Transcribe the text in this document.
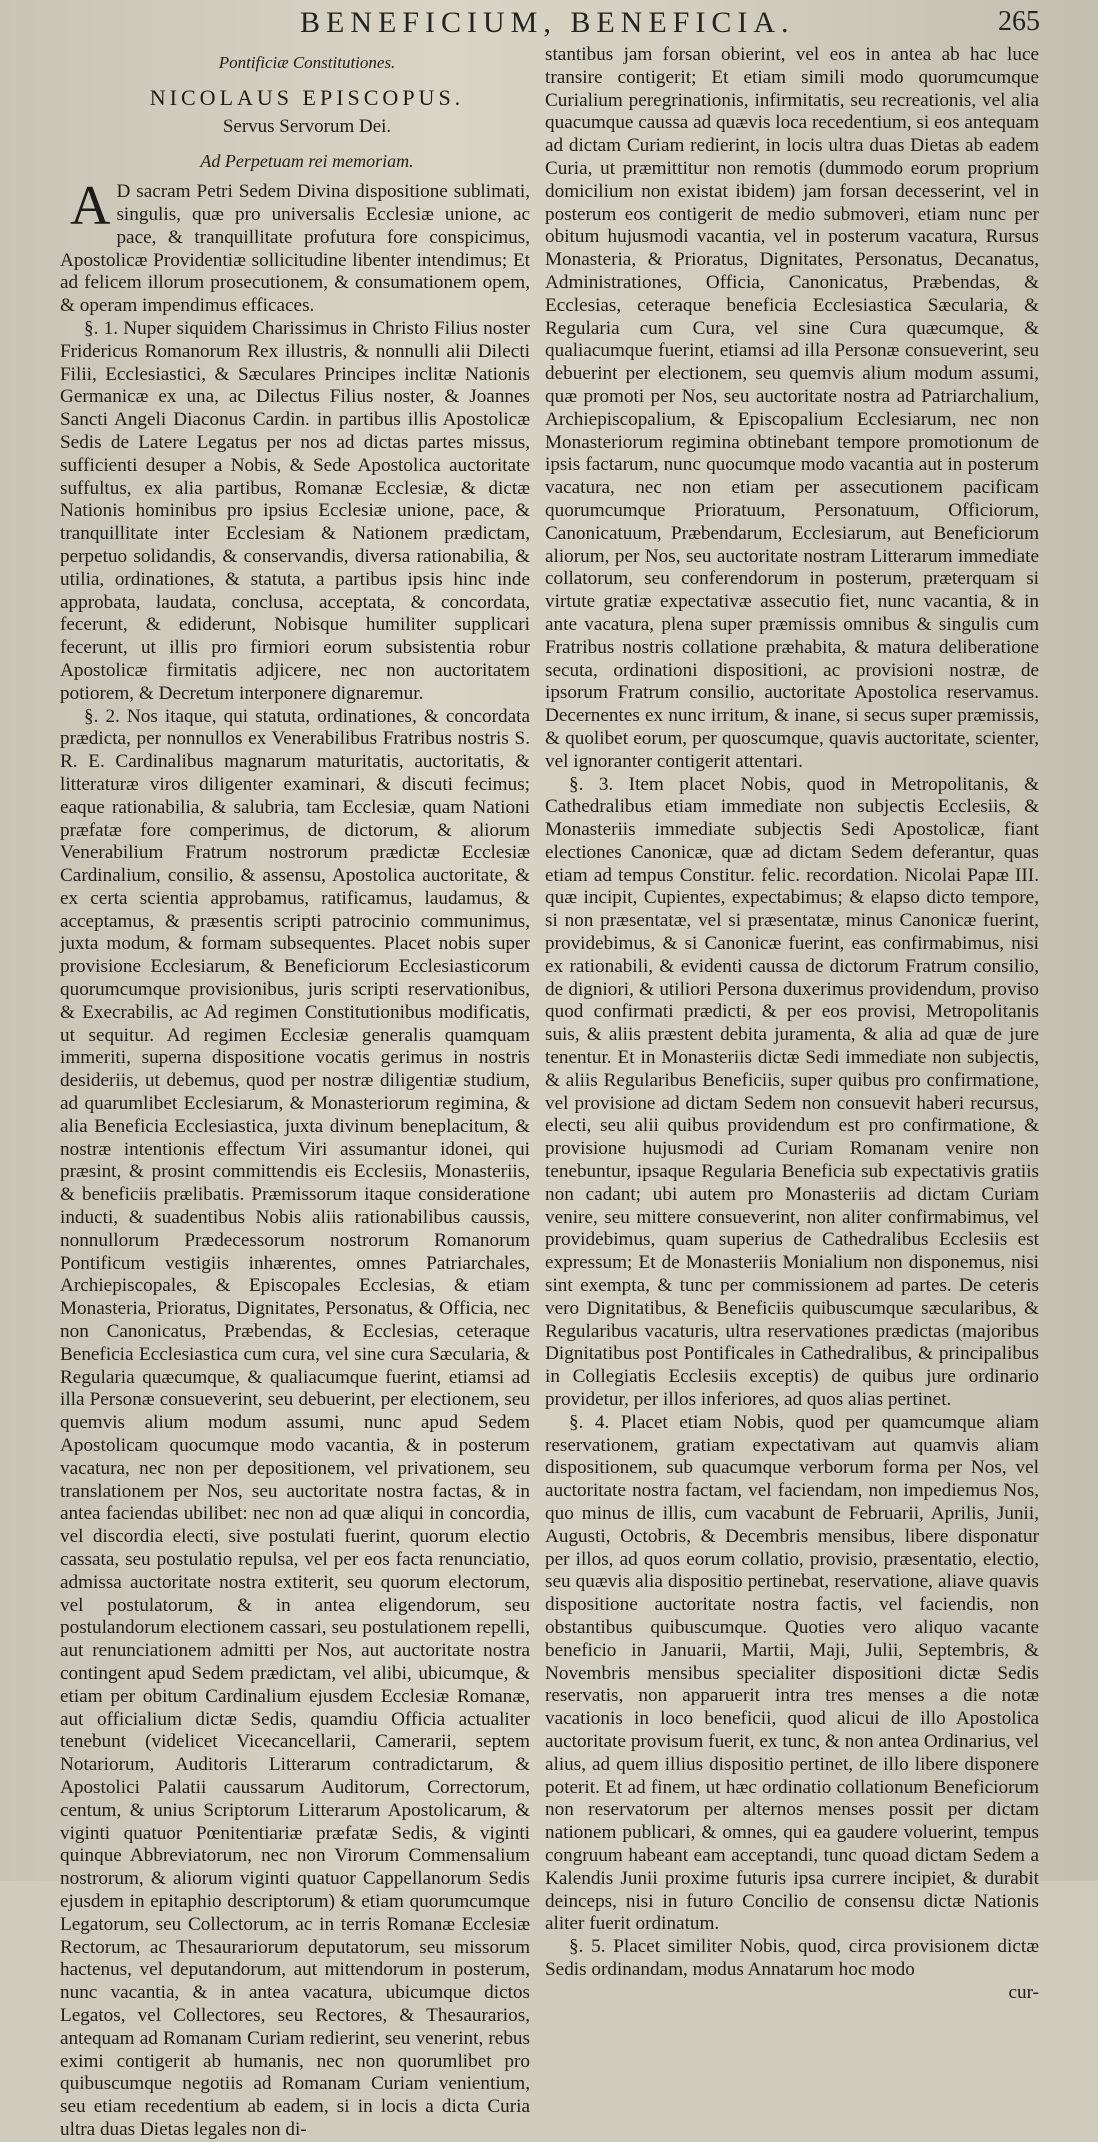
BENEFICIUM, BENEFICIA.	265

Pontificiæ Constitutiones.

NICOLAUS EPISCOPUS.

Servus Servorum Dei.

Ad Perpetuam rei memoriam.

A D sacram Petri Sedem Divina dispositione sublimati, singulis, quæ pro universalis Ecclesiæ unione, ac pace, & tranquillitate profutura fore conspicimus, Apostolicæ Providentiæ sollicitudine libenter intendimus; Et ad felicem illorum prosecutionem, & consumationem opem, & operam impendimus efficaces.

§. 1. Nuper siquidem Charissimus in Christo Filius noster Fridericus Romanorum Rex illustris, & nonnulli alii Dilecti Filii, Ecclesiastici, & Sæculares Principes inclitæ Nationis Germanicæ ex una, ac Dilectus Filius noster, & Joannes Sancti Angeli Diaconus Cardin. in partibus illis Apostolicæ Sedis de Latere Legatus per nos ad dictas partes missus, sufficienti desuper a Nobis, & Sede Apostolica auctoritate suffultus, ex alia partibus, Romanæ Ecclesiæ, & dictæ Nationis hominibus pro ipsius Ecclesiæ unione, pace, & tranquillitate inter Ecclesiam & Nationem prædictam, perpetuo solidandis, & conservandis, diversa rationabilia, & utilia, ordinationes, & statuta, a partibus ipsis hinc inde approbata, laudata, conclusa, acceptata, & concordata, fecerunt, & ediderunt, Nobisque humiliter supplicari fecerunt, ut illis pro firmiori eorum subsistentia robur Apostolicæ firmitatis adjicere, nec non auctoritatem potiorem, & Decretum interponere dignaremur.

§. 2. Nos itaque, qui statuta, ordinationes, & concordata prædicta, per nonnullos ex Venerabilibus Fratribus nostris S. R. E. Cardinalibus magnarum maturitatis, auctoritatis, & litteraturæ viros diligenter examinari, & discuti fecimus; eaque rationabilia, & salubria, tam Ecclesiæ, quam Nationi præfatæ fore comperimus, de dictorum, & aliorum Venerabilium Fratrum nostrorum prædictæ Ecclesiæ Cardinalium, consilio, & assensu, Apostolica auctoritate, & ex certa scientia approbamus, ratificamus, laudamus, & acceptamus, & præsentis scripti patrocinio communimus, juxta modum, & formam subsequentes. Placet nobis super provisione Ecclesiarum, & Beneficiorum Ecclesiasticorum quorumcumque provisionibus, juris scripti reservationibus, & Execrabilis, ac Ad regimen Constitutionibus modificatis, ut sequitur. Ad regimen Ecclesiæ generalis quamquam immeriti, superna dispositione vocatis gerimus in nostris desideriis, ut debemus, quod per nostræ diligentiæ studium, ad quarumlibet Ecclesiarum, & Monasteriorum regimina, & alia Beneficia Ecclesiastica, juxta divinum beneplacitum, & nostræ intentionis effectum Viri assumantur idonei, qui præsint, & prosint committendis eis Ecclesiis, Monasteriis, & beneficiis prælibatis. Præmissorum itaque consideratione inducti, & suadentibus Nobis aliis rationabilibus caussis, nonnullorum Prædecessorum nostrorum Romanorum Pontificum vestigiis inhærentes, omnes Patriarchales, Archiepiscopales, & Episcopales Ecclesias, & etiam Monasteria, Prioratus, Dignitates, Personatus, & Officia, nec non Canonicatus, Præbendas, & Ecclesias, ceteraque Beneficia Ecclesiastica cum cura, vel sine cura Sæcularia, & Regularia quæcumque, & qualiacumque fuerint, etiamsi ad illa Personæ consueverint, seu debuerint, per electionem, seu quemvis alium modum assumi, nunc apud Sedem Apostolicam quocumque modo vacantia, & in posterum vacatura, nec non per depositionem, vel privationem, seu translationem per Nos, seu auctoritate nostra factas, & in antea faciendas ubilibet: nec non ad quæ aliqui in concordia, vel discordia electi, sive postulati fuerint, quorum electio cassata, seu postulatio repulsa, vel per eos facta renunciatio, admissa auctoritate nostra extiterit, seu quorum electorum, vel postulatorum, & in antea eligendorum, seu postulandorum electionem cassari, seu postulationem repelli, aut renunciationem admitti per Nos, aut auctoritate nostra contingent apud Sedem prædictam, vel alibi, ubicumque, & etiam per obitum Cardinalium ejusdem Ecclesiæ Romanæ, aut officialium dictæ Sedis, quamdiu Officia actualiter tenebunt (videlicet Vicecancellarii, Camerarii, septem Notariorum, Auditoris Litterarum contradictarum, & Apostolici Palatii caussarum Auditorum, Correctorum, centum, & unius Scriptorum Litterarum Apostolicarum, & viginti quatuor Pœnitentiariæ præfatæ Sedis, & viginti quinque Abbreviatorum, nec non Virorum Commensalium nostrorum, & aliorum viginti quatuor Cappellanorum Sedis ejusdem in epitaphio descriptorum) & etiam quorumcumque Legatorum, seu Collectorum, ac in terris Romanæ Ecclesiæ Rectorum, ac Thesaurariorum deputatorum, seu missorum hactenus, vel deputandorum, aut mittendorum in posterum, nunc vacantia, & in antea vacatura, ubicumque dictos Legatos, vel Collectores, seu Rectores, & Thesaurarios, antequam ad Romanam Curiam redierint, seu venerint, rebus eximi contigerit ab humanis, nec non quorumlibet pro quibuscumque negotiis ad Romanam Curiam venientium, seu etiam recedentium ab eadem, si in locis a dicta Curia ultra duas Dietas legales non di-

stantibus jam forsan obierint, vel eos in antea ab hac luce transire contigerit; Et etiam simili modo quorumcumque Curialium peregrinationis, infirmitatis, seu recreationis, vel alia quacumque caussa ad quævis loca recedentium, si eos antequam ad dictam Curiam redierint, in locis ultra duas Dietas ab eadem Curia, ut præmittitur non remotis (dummodo eorum proprium domicilium non existat ibidem) jam forsan decesserint, vel in posterum eos contigerit de medio submoveri, etiam nunc per obitum hujusmodi vacantia, vel in posterum vacatura, Rursus Monasteria, & Prioratus, Dignitates, Personatus, Decanatus, Administrationes, Officia, Canonicatus, Præbendas, & Ecclesias, ceteraque beneficia Ecclesiastica Sæcularia, & Regularia cum Cura, vel sine Cura quæcumque, & qualiacumque fuerint, etiamsi ad illa Personæ consueverint, seu debuerint per electionem, seu quemvis alium modum assumi, quæ promoti per Nos, seu auctoritate nostra ad Patriarchalium, Archiepiscopalium, & Episcopalium Ecclesiarum, nec non Monasteriorum regimina obtinebant tempore promotionum de ipsis factarum, nunc quocumque modo vacantia aut in posterum vacatura, nec non etiam per assecutionem pacificam quorumcumque Prioratuum, Personatuum, Officiorum, Canonicatuum, Præbendarum, Ecclesiarum, aut Beneficiorum aliorum, per Nos, seu auctoritate nostram Litterarum immediate collatorum, seu conferendorum in posterum, præterquam si virtute gratiæ expectativæ assecutio fiet, nunc vacantia, & in ante vacatura, plena super præmissis omnibus & singulis cum Fratribus nostris collatione præhabita, & matura deliberatione secuta, ordinationi dispositioni, ac provisioni nostræ, de ipsorum Fratrum consilio, auctoritate Apostolica reservamus. Decernentes ex nunc irritum, & inane, si secus super præmissis, & quolibet eorum, per quoscumque, quavis auctoritate, scienter, vel ignoranter contigerit attentari.

§. 3. Item placet Nobis, quod in Metropolitanis, & Cathedralibus etiam immediate non subjectis Ecclesiis, & Monasteriis immediate subjectis Sedi Apostolicæ, fiant electiones Canonicæ, quæ ad dictam Sedem deferantur, quas etiam ad tempus Constitur. felic. recordation. Nicolai Papæ III. quæ incipit, Cupientes, expectabimus; & elapso dicto tempore, si non præsentatæ, vel si præsentatæ, minus Canonicæ fuerint, providebimus, & si Canonicæ fuerint, eas confirmabimus, nisi ex rationabili, & evidenti caussa de dictorum Fratrum consilio, de digniori, & utiliori Persona duxerimus providendum, proviso quod confirmati prædicti, & per eos provisi, Metropolitanis suis, & aliis præstent debita juramenta, & alia ad quæ de jure tenentur. Et in Monasteriis dictæ Sedi immediate non subjectis, & aliis Regularibus Beneficiis, super quibus pro confirmatione, vel provisione ad dictam Sedem non consuevit haberi recursus, electi, seu alii quibus providendum est pro confirmatione, & provisione hujusmodi ad Curiam Romanam venire non tenebuntur, ipsaque Regularia Beneficia sub expectativis gratiis non cadant; ubi autem pro Monasteriis ad dictam Curiam venire, seu mittere consueverint, non aliter confirmabimus, vel providebimus, quam superius de Cathedralibus Ecclesiis est expressum; Et de Monasteriis Monialium non disponemus, nisi sint exempta, & tunc per commissionem ad partes. De ceteris vero Dignitatibus, & Beneficiis quibuscumque sæcularibus, & Regularibus vacaturis, ultra reservationes prædictas (majoribus Dignitatibus post Pontificales in Cathedralibus, & principalibus in Collegiatis Ecclesiis exceptis) de quibus jure ordinario providetur, per illos inferiores, ad quos alias pertinet.

§. 4. Placet etiam Nobis, quod per quamcumque aliam reservationem, gratiam expectativam aut quamvis aliam dispositionem, sub quacumque verborum forma per Nos, vel auctoritate nostra factam, vel faciendam, non impediemus Nos, quo minus de illis, cum vacabunt de Februarii, Aprilis, Junii, Augusti, Octobris, & Decembris mensibus, libere disponatur per illos, ad quos eorum collatio, provisio, præsentatio, electio, seu quævis alia dispositio pertinebat, reservatione, aliave quavis dispositione auctoritate nostra factis, vel faciendis, non obstantibus quibuscumque. Quoties vero aliquo vacante beneficio in Januarii, Martii, Maji, Julii, Septembris, & Novembris mensibus specialiter dispositioni dictæ Sedis reservatis, non apparuerit intra tres menses a die notæ vacationis in loco beneficii, quod alicui de illo Apostolica auctoritate provisum fuerit, ex tunc, & non antea Ordinarius, vel alius, ad quem illius dispositio pertinet, de illo libere disponere poterit. Et ad finem, ut hæc ordinatio collationum Beneficiorum non reservatorum per alternos menses possit per dictam nationem publicari, & omnes, qui ea gaudere voluerint, tempus congruum habeant eam acceptandi, tunc quoad dictam Sedem a Kalendis Junii proxime futuris ipsa currere incipiet, & durabit deinceps, nisi in futuro Concilio de consensu dictæ Nationis aliter fuerit ordinatum.

§. 5. Placet similiter Nobis, quod, circa provisionem dictæ Sedis ordinandam, modus Annatarum hoc modo

cur-
